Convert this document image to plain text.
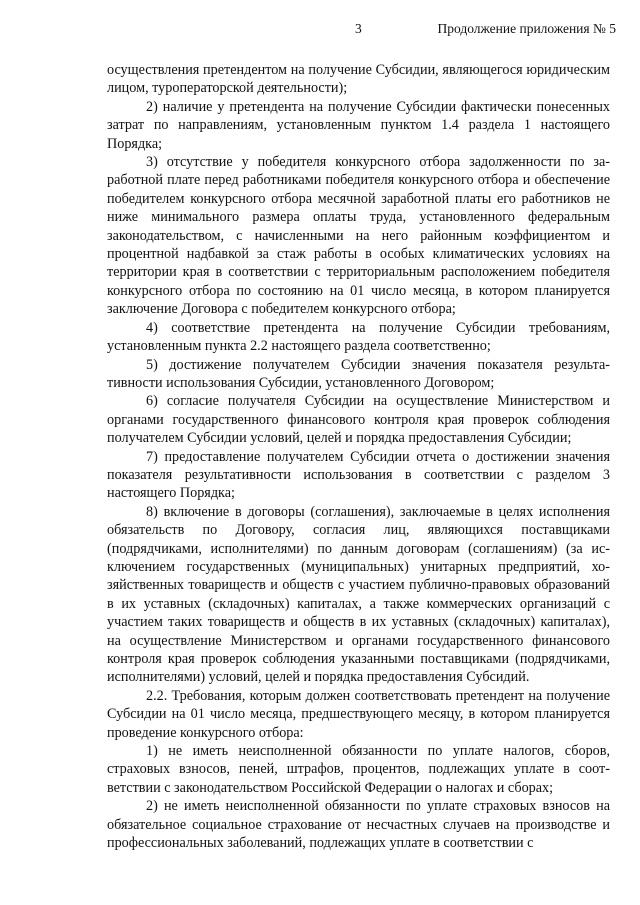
3	Продолжение приложения № 5

осуществления претендентом на получение Субсидии, являющегося юридическим лицом, туроператорской деятельности);

2) наличие у претендента на получение Субсидии фактически понесенных затрат по направлениям, установленным пунктом 1.4 раздела 1 настоящего Порядка;

3) отсутствие у победителя конкурсного отбора задолженности по заработной плате перед работниками победителя конкурсного отбора и обеспечение победителем конкурсного отбора месячной заработной платы его работников не ниже минимального размера оплаты труда, установленного федеральным законодательством, с начисленными на него районным коэффициентом и процентной надбавкой за стаж работы в особых климатических условиях на территории края в соответствии с территориальным расположением победителя конкурсного отбора по состоянию на 01 число месяца, в котором планируется заключение Договора с победителем конкурсного отбора;

4) соответствие претендента на получение Субсидии требованиям, установленным пункта 2.2 настоящего раздела соответственно;

5) достижение получателем Субсидии значения показателя результативности использования Субсидии, установленного Договором;

6) согласие получателя Субсидии на осуществление Министерством и органами государственного финансового контроля края проверок соблюдения получателем Субсидии условий, целей и порядка предоставления Субсидии;

7) предоставление получателем Субсидии отчета о достижении значения показателя результативности использования в соответствии с разделом 3 настоящего Порядка;

8) включение в договоры (соглашения), заключаемые в целях исполнения обязательств по Договору, согласия лиц, являющихся поставщиками (подрядчиками, исполнителями) по данным договорам (соглашениям) (за исключением государственных (муниципальных) унитарных предприятий, хозяйственных товариществ и обществ с участием публично-правовых образований в их уставных (складочных) капиталах, а также коммерческих организаций с участием таких товариществ и обществ в их уставных (складочных) капиталах), на осуществление Министерством и органами государственного финансового контроля края проверок соблюдения указанными поставщиками (подрядчиками, исполнителями) условий, целей и порядка предоставления Субсидий.

2.2. Требования, которым должен соответствовать претендент на получение Субсидии на 01 число месяца, предшествующего месяцу, в котором планируется проведение конкурсного отбора:

1) не иметь неисполненной обязанности по уплате налогов, сборов, страховых взносов, пеней, штрафов, процентов, подлежащих уплате в соответствии с законодательством Российской Федерации о налогах и сборах;

2) не иметь неисполненной обязанности по уплате страховых взносов на обязательное социальное страхование от несчастных случаев на производстве и профессиональных заболеваний, подлежащих уплате в соответствии с
